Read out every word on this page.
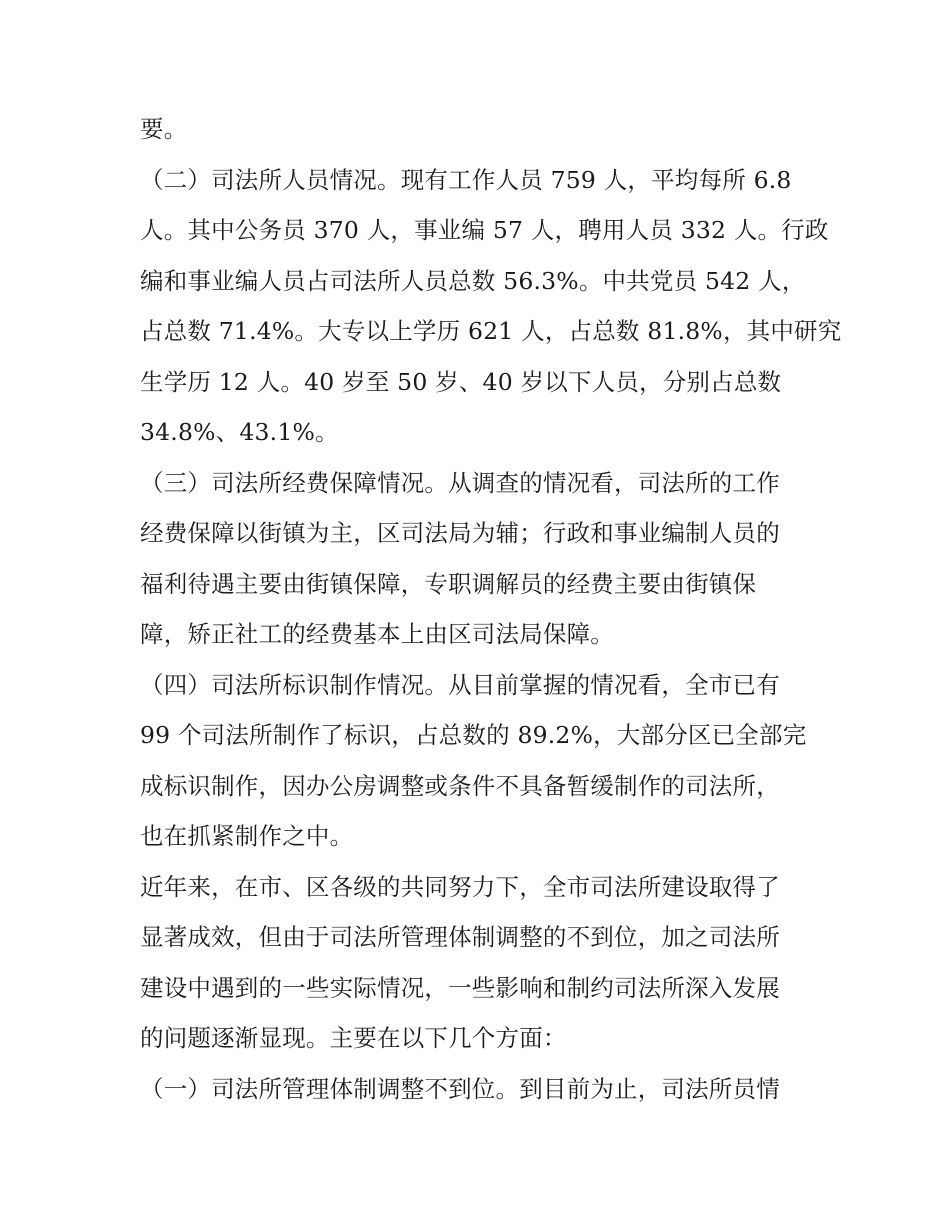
要。

（二）司法所人员情况。现有工作人员 759 人，平均每所 6.8
人。其中公务员 370 人，事业编 57 人，聘用人员 332 人。行政
编和事业编人员占司法所人员总数 56.3%。中共党员 542 人，
占总数 71.4%。大专以上学历 621 人，占总数 81.8%，其中研究
生学历 12 人。40 岁至 50 岁、40 岁以下人员，分别占总数
34.8%、43.1%。

（三）司法所经费保障情况。从调查的情况看，司法所的工作
经费保障以街镇为主，区司法局为辅；行政和事业编制人员的
福利待遇主要由街镇保障，专职调解员的经费主要由街镇保
障，矫正社工的经费基本上由区司法局保障。

（四）司法所标识制作情况。从目前掌握的情况看，全市已有
99 个司法所制作了标识，占总数的 89.2%，大部分区已全部完
成标识制作，因办公房调整或条件不具备暂缓制作的司法所，
也在抓紧制作之中。

近年来，在市、区各级的共同努力下，全市司法所建设取得了
显著成效，但由于司法所管理体制调整的不到位，加之司法所
建设中遇到的一些实际情况，一些影响和制约司法所深入发展
的问题逐渐显现。主要在以下几个方面：

（一）司法所管理体制调整不到位。到目前为止，司法所员情
